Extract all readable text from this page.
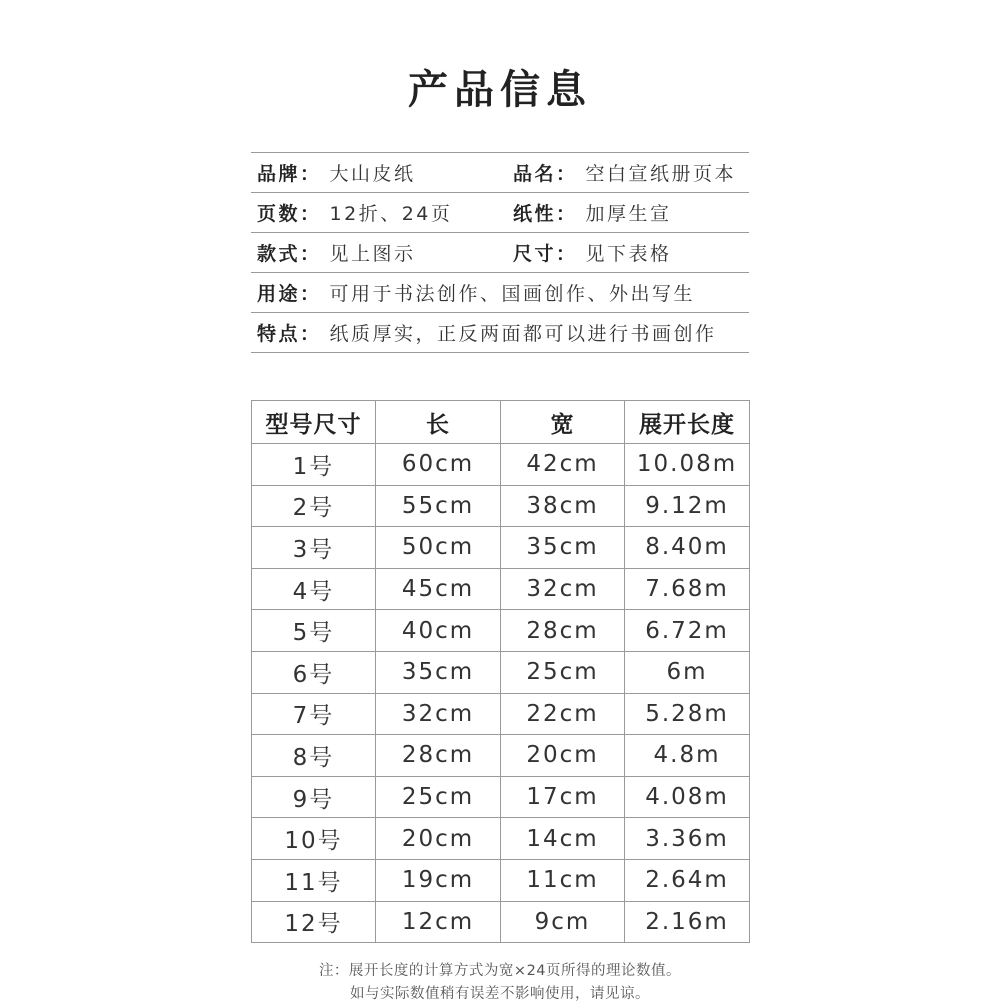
产品信息
品牌 ： 大山皮纸	品名 ： 空白宣纸册页本
页数 ： 12折、24页	纸性 ： 加厚生宣
款式 ： 见上图示	尺寸 ： 见下表格
用途 ： 可用于书法创作、国画创作、外出写生
特点 ： 纸质厚实，正反两面都可以进行书画创作
型号尺寸	长	宽	展开长度
1号	60cm	42cm	10.08m
2号	55cm	38cm	9.12m
3号	50cm	35cm	8.40m
4号	45cm	32cm	7.68m
5号	40cm	28cm	6.72m
6号	35cm	25cm	6m
7号	32cm	22cm	5.28m
8号	28cm	20cm	4.8m
9号	25cm	17cm	4.08m
10号	20cm	14cm	3.36m
11号	19cm	11cm	2.64m
12号	12cm	9cm	2.16m
注：展开长度的计算方式为宽×24页所得的理论数值。
如与实际数值稍有误差不影响使用，请见谅。
